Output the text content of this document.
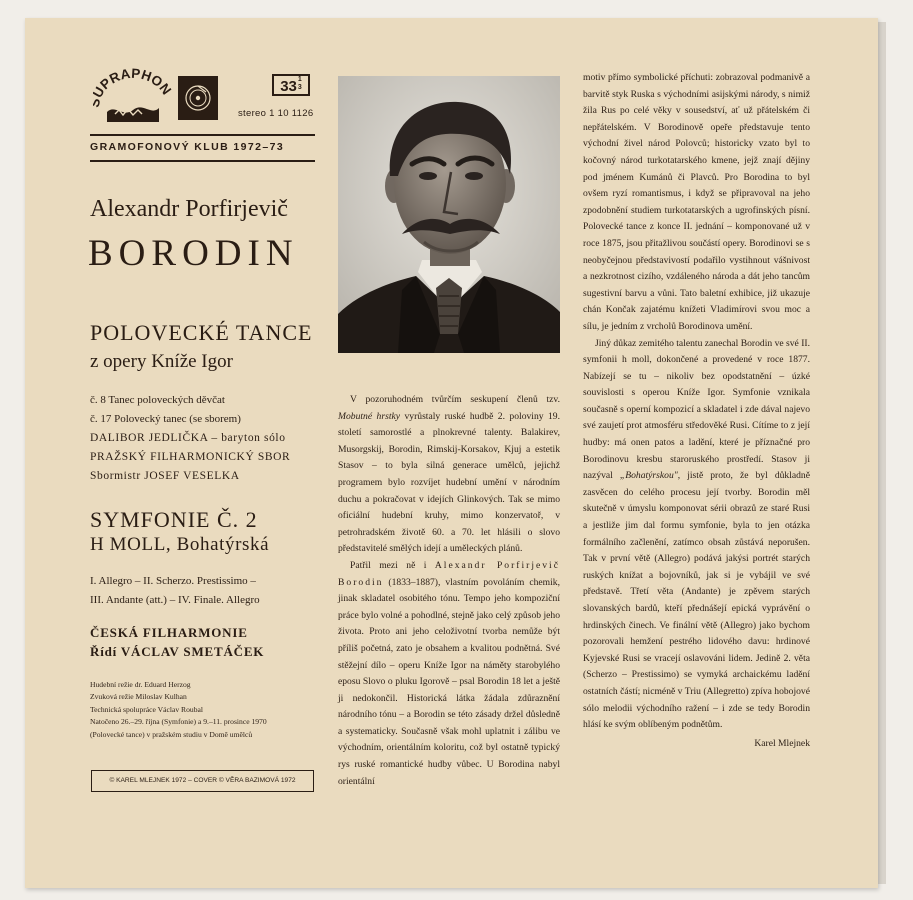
PRAPHON	331
3
stereo 1 10 1126
GRAMOFONOVÝ KLUB 1972–73
Alexandr Porfirjevič
BORODIN
POLOVECKÉ TANCE
z opery Kníže Igor
č. 8 Tanec poloveckých děvčat
č. 17 Polovecký tanec (se sborem)
DALIBOR JEDLIČKA – baryton sólo
PRAŽSKÝ FILHARMONICKÝ SBOR
Sbormistr JOSEF VESELKA
SYMFONIE Č. 2
H MOLL, Bohatýrská
I. Allegro – II. Scherzo. Prestissimo –
III. Andante (att.) – IV. Finale. Allegro
ČESKÁ FILHARMONIE
Řídí VÁCLAV SMETÁČEK
Hudební režie dr. Eduard Herzog
Zvuková režie Miloslav Kulhan
Technická spolupráce Václav Roubal
Natočeno 26.–29. října (Symfonie) a 9.–11. prosince 1970
(Polovecké tance) v pražském studiu v Domě umělců
© KAREL MLEJNEK 1972 – COVER © VĚRA BAZIMOVÁ 1972

V pozoruhodném tvůrčím seskupení členů tzv. Mobutné hrstky vyrůstaly ruské hudbě 2. poloviny 19. století samorostlé a plnokrevné talenty. Balakirev, Musorgskij, Borodin, Rimskij-Korsakov, Kjuj a estetik Stasov – to byla silná generace umělců, jejichž programem bylo rozvíjet hudební umění v národním duchu a pokračovat v idejích Glinkových. Tak se mimo oficiální hudební kruhy, mimo konzervatoř, v petrohradském životě 60. a 70. let hlásili o slovo představitelé smělých idejí a uměleckých plánů.

Patřil mezi ně i Alexandr Porfirjevič Borodin (1833–1887), vlastním povoláním chemik, jinak skladatel osobitého tónu. Tempo jeho kompoziční práce bylo volné a pohodlné, stejně jako celý způsob jeho života. Proto ani jeho celoživotní tvorba nemůže být příliš početná, zato je obsahem a kvalitou podnětná. Své stěžejní dílo – operu Kníže Igor na náměty starobylého eposu Slovo o pluku Igorově – psal Borodin 18 let a ještě ji nedokončil. Historická látka žádala zdůraznění národního tónu – a Borodin se této zásady držel důsledně a systematicky. Současně však mohl uplatnit i zálibu ve východním, orientálním koloritu, což byl ostatně typický rys ruské romantické hudby vůbec. U Borodina nabyl orientální

motiv přímo symbolické příchuti: zobrazoval podmanivě a barvitě styk Ruska s východními asijskými národy, s nimiž žila Rus po celé věky v sousedství, ať už přátelském či nepřátelském. V Borodinově opeře představuje tento východní živel národ Polovců; historicky vzato byl to kočovný národ turkotatarského kmene, jejž znají dějiny pod jménem Kumánů či Plavců. Pro Borodina to byl ovšem ryzí romantismus, i když se připravoval na jeho zpodobnění studiem turkotatarských a ugrofinských písní. Polovecké tance z konce II. jednání – komponované už v roce 1875, jsou přitažlivou součástí opery. Borodinovi se s neobyčejnou představivostí podařilo vystihnout vášnivost a nezkrotnost cizího, vzdáleného národa a dát jeho tancům sugestivní barvu a vůni. Tato baletní exhibice, již ukazuje chán Končak zajatému knížeti Vladimírovi svou moc a sílu, je jedním z vrcholů Borodinova umění.

Jiný důkaz zemitého talentu zanechal Borodin ve své II. symfonii h moll, dokončené a provedené v roce 1877. Nabízejí se tu – nikoliv bez opodstatnění – úzké souvislosti s operou Kníže Igor. Symfonie vznikala současně s operní kompozicí a skladatel i zde dával najevo své zaujetí prot atmosféru středověké Rusi. Cítíme to z její hudby: má onen patos a ladění, které je příznačné pro Borodinovu kresbu staroruského prostředí. Stasov ji nazýval „Bohatýrskou", jistě proto, že byl důkladně zasvěcen do celého procesu její tvorby. Borodin měl skutečně v úmyslu komponovat sérii obrazů ze staré Rusi a jestliže jim dal formu symfonie, byla to jen otázka formálního začlenění, zatímco obsah zůstává neporušen. Tak v první větě (Allegro) podává jakýsi portrét starých ruských knížat a bojovníků, jak si je vybájil ve své představě. Třetí věta (Andante) je zpěvem starých slovanských bardů, kteří přednášejí epická vyprávění o hrdinských činech. Ve finální větě (Allegro) jako bychom pozorovali hemžení pestrého lidového davu: hrdinové Kyjevské Rusi se vracejí oslavováni lidem. Jedině 2. věta (Scherzo – Prestissimo) se vymyká archaickému ladění ostatních částí; nicméně v Triu (Allegretto) zpíva hobojové sólo melodii východního ražení – i zde se tedy Borodin hlásí ke svým oblíbeným podnětům.

Karel Mlejnek
